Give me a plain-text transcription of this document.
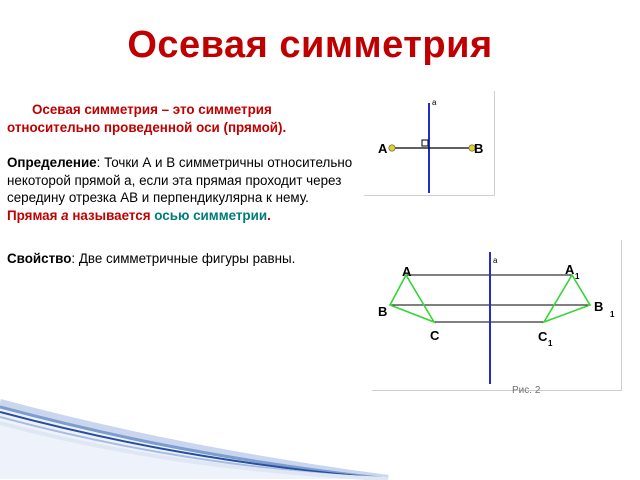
Осевая симметрия

Осевая симметрия – это симметрия относительно проведенной оси (прямой).

Определение: Точки А и В симметричны относительно некоторой прямой а, если эта прямая проходит через середину отрезка АВ и перпендикулярна к нему.

Прямая а называется осью симметрии.

Свойство: Две симметричные фигуры равны.

a
A	B
a
A
B
C
A 1
B
1
C 1
Рис. 2
